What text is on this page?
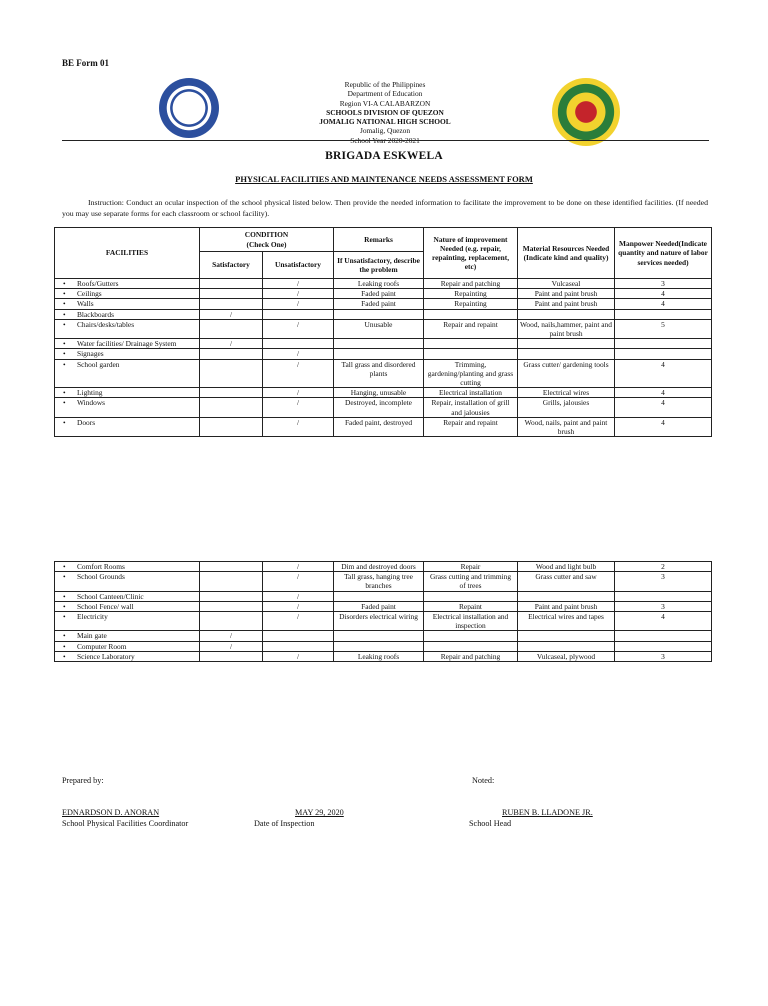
BE Form 01
Republic of the Philippines
Department of Education
Region VI-A CALABARZON
SCHOOLS DIVISION OF QUEZON
JOMALIG NATIONAL HIGH SCHOOL
Jomalig, Quezon
School Year 2020-2021
BRIGADA ESKWELA
PHYSICAL FACILITIES AND MAINTENANCE NEEDS ASSESSMENT FORM
Instruction: Conduct an ocular inspection of the school physical listed below. Then provide the needed information to facilitate the improvement to be done on these identified facilities. (If needed you may use separate forms for each classroom or school facility).
FACILITIES	CONDITION
(Check One)		Remarks	Nature of improvement Needed (e.g. repair, repainting, replacement, etc)	Material Resources Needed (Indicate kind and quality)	Manpower Needed(Indicate quantity and nature of labor services needed)
	Satisfactory	Unsatisfactory	If Unsatisfactory, describe the problem			
• Roofs/Gutters		/	Leaking roofs	Repair and patching	Vulcaseal	3
• Ceilings		/	Faded paint	Repainting	Paint and paint brush	4
• Walls		/	Faded paint	Repainting	Paint and paint brush	4
• Blackboards	/					
• Chairs/desks/tables		/	Unusable	Repair and repaint	Wood, nails,hammer, paint and paint brush	5
• Water facilities/ Drainage System	/					
• Signages		/				
• School garden		/	Tall grass and disordered plants	Trimming, gardening/planting and grass cutting	Grass cutter/ gardening tools	4
• Lighting		/	Hanging, unusable	Electrical installation	Electrical wires	4
• Windows		/	Destroyed, incomplete	Repair, installation of grill and jalousies	Grills, jalousies	4
• Doors		/	Faded paint, destroyed	Repair and repaint	Wood, nails, paint and paint brush	4
• Comfort Rooms		/	Dim and destroyed doors	Repair	Wood and light bulb	2
• School Grounds		/	Tall grass, hanging tree branches	Grass cutting and trimming of trees	Grass cutter and saw	3
• School Canteen/Clinic		/				
• School Fence/ wall		/	Faded paint	Repaint	Paint and paint brush	3
• Electricity		/	Disorders electrical wiring	Electrical installation and inspection	Electrical wires and tapes	4
• Main gate	/					
• Computer Room	/					
• Science Laboratory		/	Leaking roofs	Repair and patching	Vulcaseal, plywood	3
Prepared by:	Noted:
EDNARDSON D. ANORAN
School Physical Facilities Coordinator
MAY 29, 2020
Date of Inspection
RUBEN B. LLADONE JR.
School Head
